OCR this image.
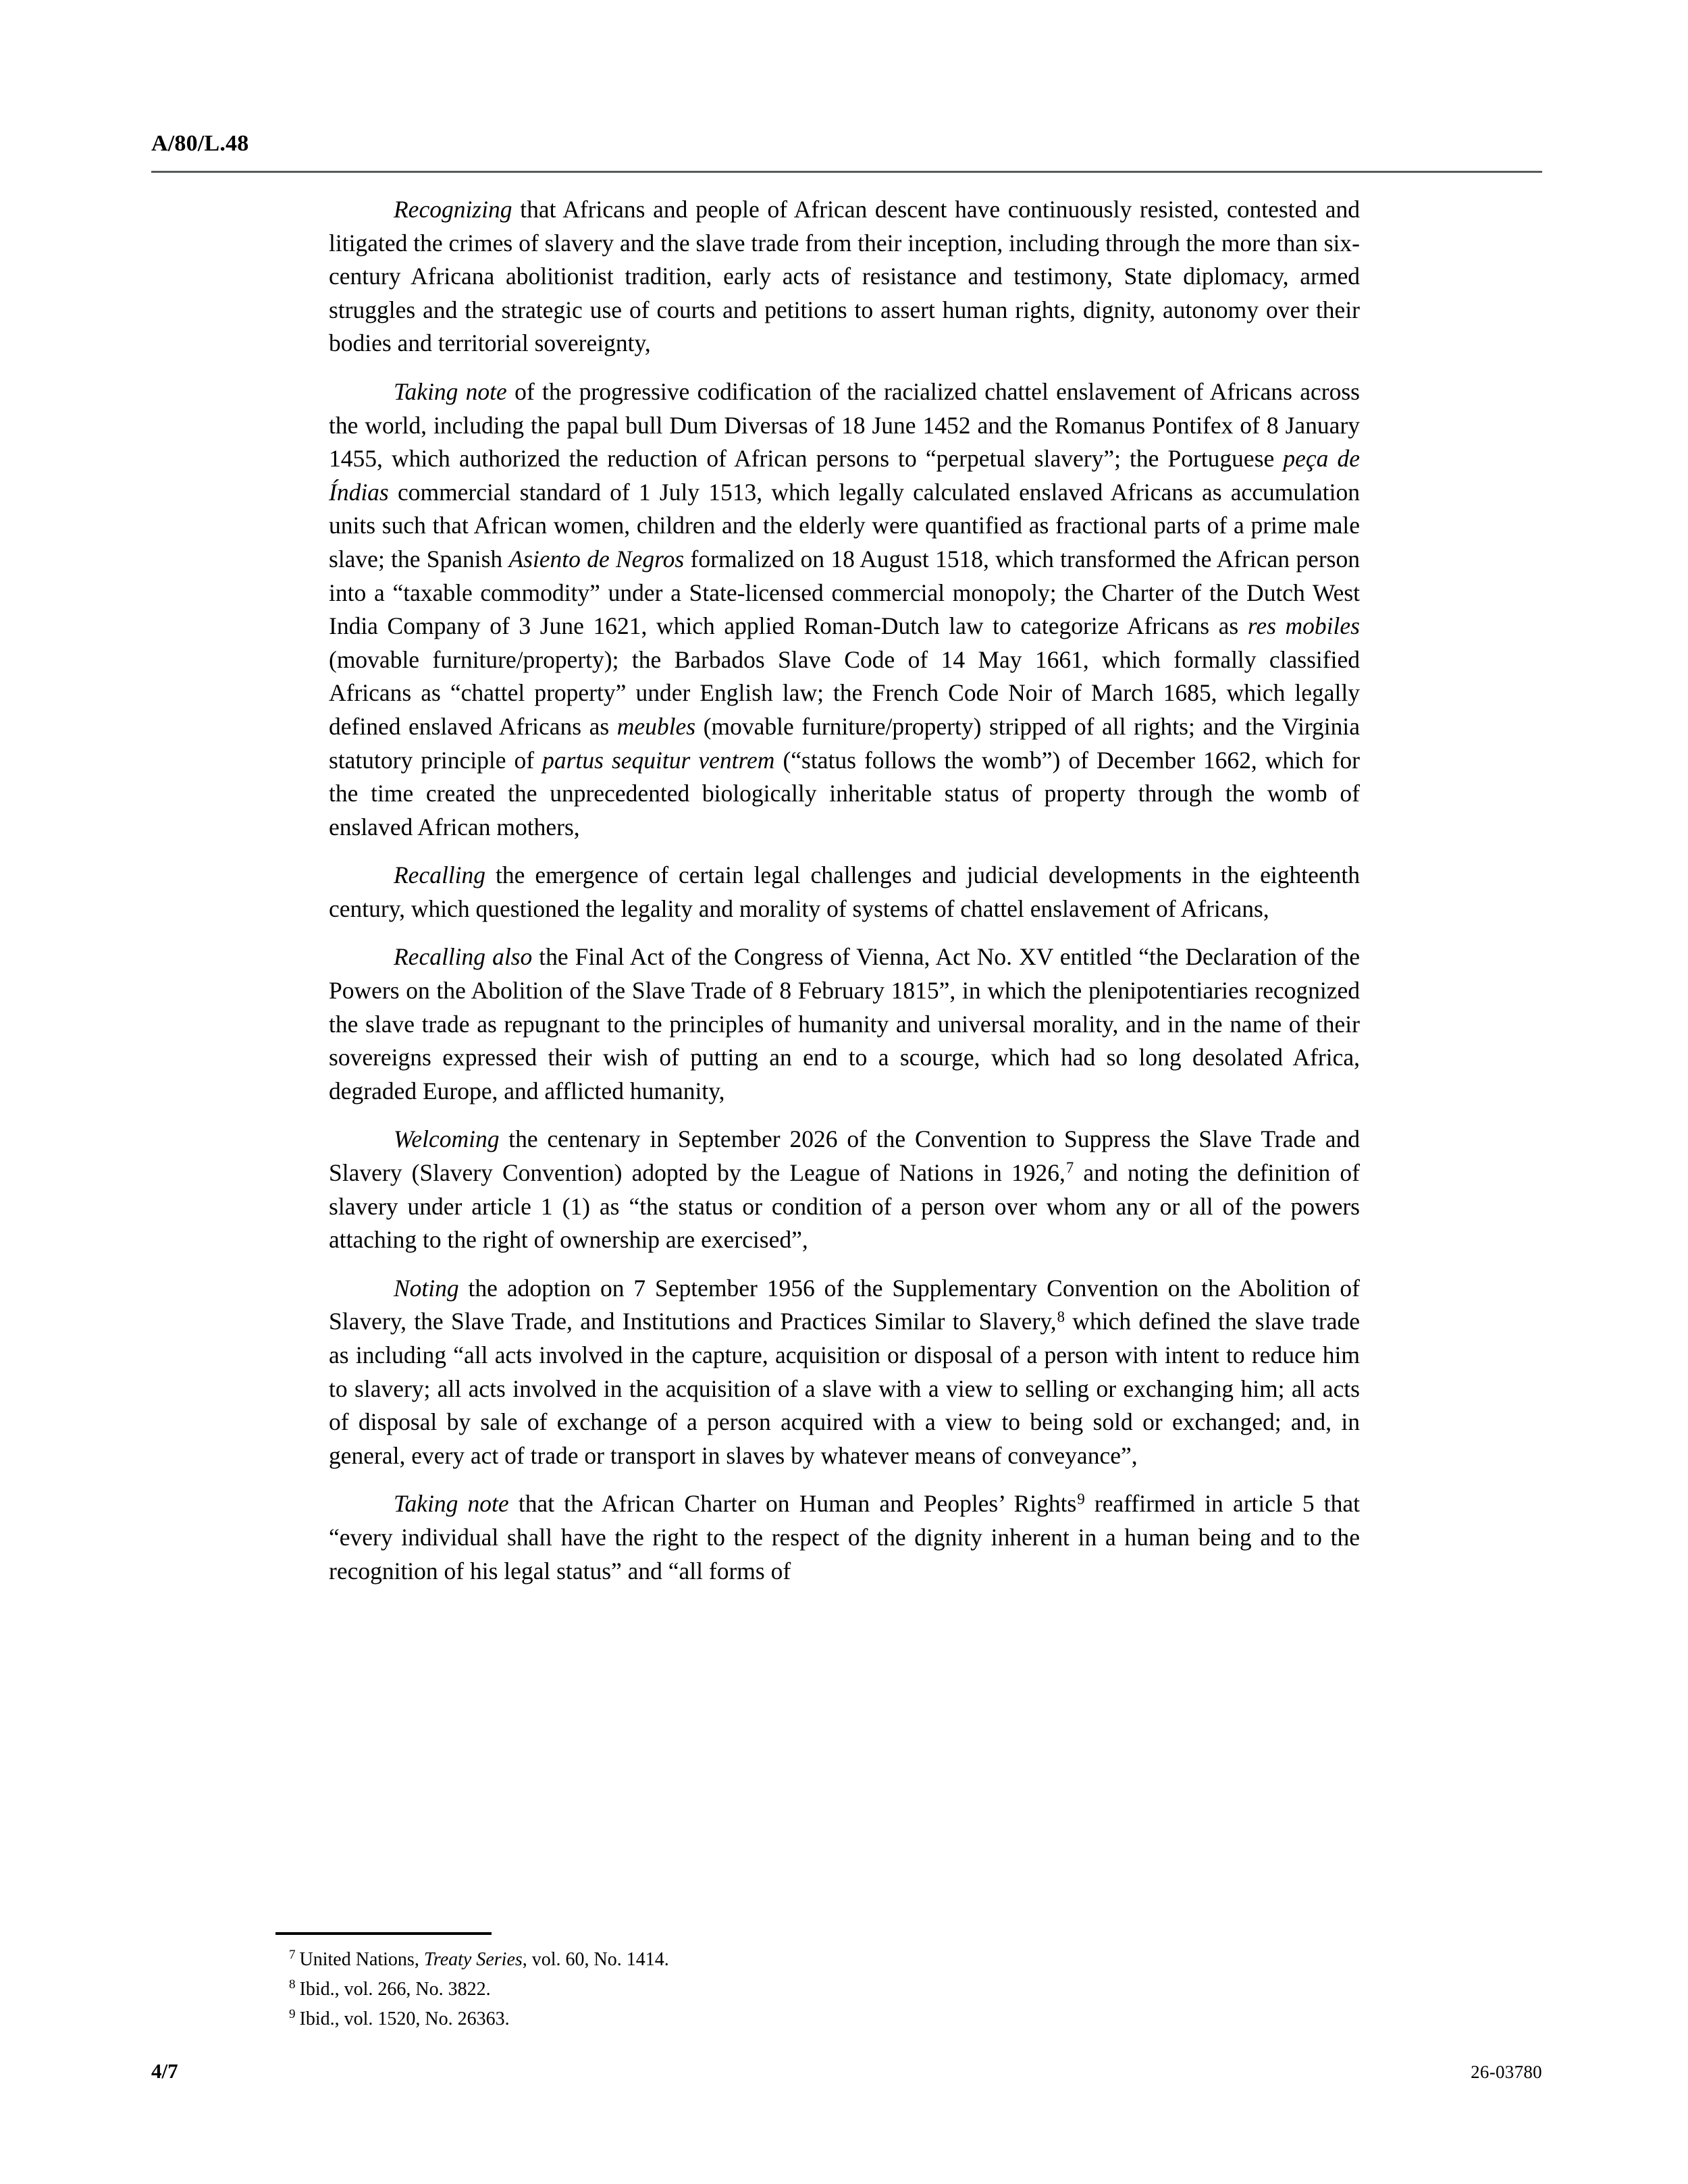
A/80/L.48

Recognizing that Africans and people of African descent have continuously resisted, contested and litigated the crimes of slavery and the slave trade from their inception, including through the more than six-century Africana abolitionist tradition, early acts of resistance and testimony, State diplomacy, armed struggles and the strategic use of courts and petitions to assert human rights, dignity, autonomy over their bodies and territorial sovereignty,

Taking note of the progressive codification of the racialized chattel enslavement of Africans across the world, including the papal bull Dum Diversas of 18 June 1452 and the Romanus Pontifex of 8 January 1455, which authorized the reduction of African persons to “perpetual slavery”; the Portuguese peça de Índias commercial standard of 1 July 1513, which legally calculated enslaved Africans as accumulation units such that African women, children and the elderly were quantified as fractional parts of a prime male slave; the Spanish Asiento de Negros formalized on 18 August 1518, which transformed the African person into a “taxable commodity” under a State-licensed commercial monopoly; the Charter of the Dutch West India Company of 3 June 1621, which applied Roman-Dutch law to categorize Africans as res mobiles (movable furniture/property); the Barbados Slave Code of 14 May 1661, which formally classified Africans as “chattel property” under English law; the French Code Noir of March 1685, which legally defined enslaved Africans as meubles (movable furniture/property) stripped of all rights; and the Virginia statutory principle of partus sequitur ventrem (“status follows the womb”) of December 1662, which for the time created the unprecedented biologically inheritable status of property through the womb of enslaved African mothers,

Recalling the emergence of certain legal challenges and judicial developments in the eighteenth century, which questioned the legality and morality of systems of chattel enslavement of Africans,

Recalling also the Final Act of the Congress of Vienna, Act No. XV entitled “the Declaration of the Powers on the Abolition of the Slave Trade of 8 February 1815”, in which the plenipotentiaries recognized the slave trade as repugnant to the principles of humanity and universal morality, and in the name of their sovereigns expressed their wish of putting an end to a scourge, which had so long desolated Africa, degraded Europe, and afflicted humanity,

Welcoming the centenary in September 2026 of the Convention to Suppress the Slave Trade and Slavery (Slavery Convention) adopted by the League of Nations in 1926,$^7$ and noting the definition of slavery under article 1 (1) as “the status or condition of a person over whom any or all of the powers attaching to the right of ownership are exercised”,

Noting the adoption on 7 September 1956 of the Supplementary Convention on the Abolition of Slavery, the Slave Trade, and Institutions and Practices Similar to Slavery,$^8$ which defined the slave trade as including “all acts involved in the capture, acquisition or disposal of a person with intent to reduce him to slavery; all acts involved in the acquisition of a slave with a view to selling or exchanging him; all acts of disposal by sale of exchange of a person acquired with a view to being sold or exchanged; and, in general, every act of trade or transport in slaves by whatever means of conveyance”,

Taking note that the African Charter on Human and Peoples’ Rights$^9$ reaffirmed in article 5 that “every individual shall have the right to the respect of the dignity inherent in a human being and to the recognition of his legal status” and “all forms of

$^7$ United Nations, Treaty Series, vol. 60, No. 1414.

$^8$ Ibid., vol. 266, No. 3822.

$^9$ Ibid., vol. 1520, No. 26363.

4/7	26-03780
